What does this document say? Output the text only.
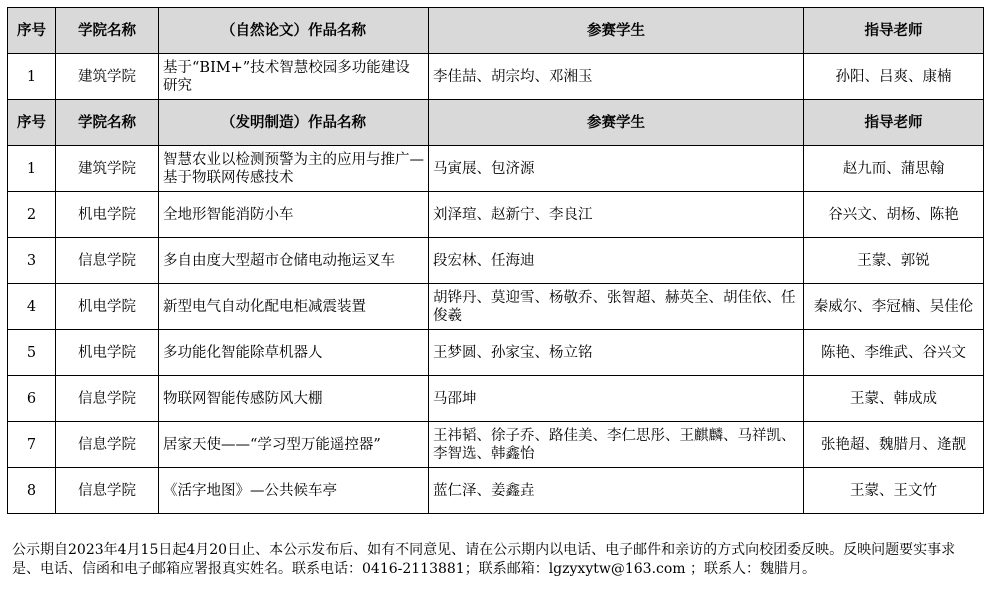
序号	学院名称	（自然论文）作品名称	参赛学生	指导老师
1	建筑学院	基于“BIM+”技术智慧校园多功能建设研究	李佳喆、胡宗均、邓湘玉	孙阳、吕爽、康楠
序号	学院名称	（发明制造）作品名称	参赛学生	指导老师
1	建筑学院	智慧农业以检测预警为主的应用与推广—基于物联网传感技术	马寅展、包济源	赵九而、蒲思翰
2	机电学院	全地形智能消防小车	刘泽瑄、赵新宁、李良江	谷兴文、胡杨、陈艳
3	信息学院	多自由度大型超市仓储电动拖运叉车	段宏林、任海迪	王蒙、郭锐
4	机电学院	新型电气自动化配电柜减震装置	胡铧丹、莫迎雪、杨敬乔、张智超、赫英全、胡佳依、任俊羲	秦威尔、李冠楠、吴佳伦
5	机电学院	多功能化智能除草机器人	王梦圆、孙家宝、杨立铭	陈艳、李维武、谷兴文
6	信息学院	物联网智能传感防风大棚	马邵坤	王蒙、韩成成
7	信息学院	居家天使——“学习型万能遥控器”	王祎韬、徐子乔、路佳美、李仁思彤、王麒麟、马祥凯、李智选、韩鑫怡	张艳超、魏腊月、逄靓
8	信息学院	《活字地图》—公共候车亭	蓝仁泽、姜鑫垚	王蒙、王文竹

公示期自2023年4月15日起4月20日止、本公示发布后、如有不同意见、请在公示期内以电话、电子邮件和亲访的方式向校团委反映。反映问题要实事求是、电话、信函和电子邮箱应署报真实姓名。联系电话：0416-2113881；联系邮箱：lgzyxytw@163.com ；联系人：魏腊月。
